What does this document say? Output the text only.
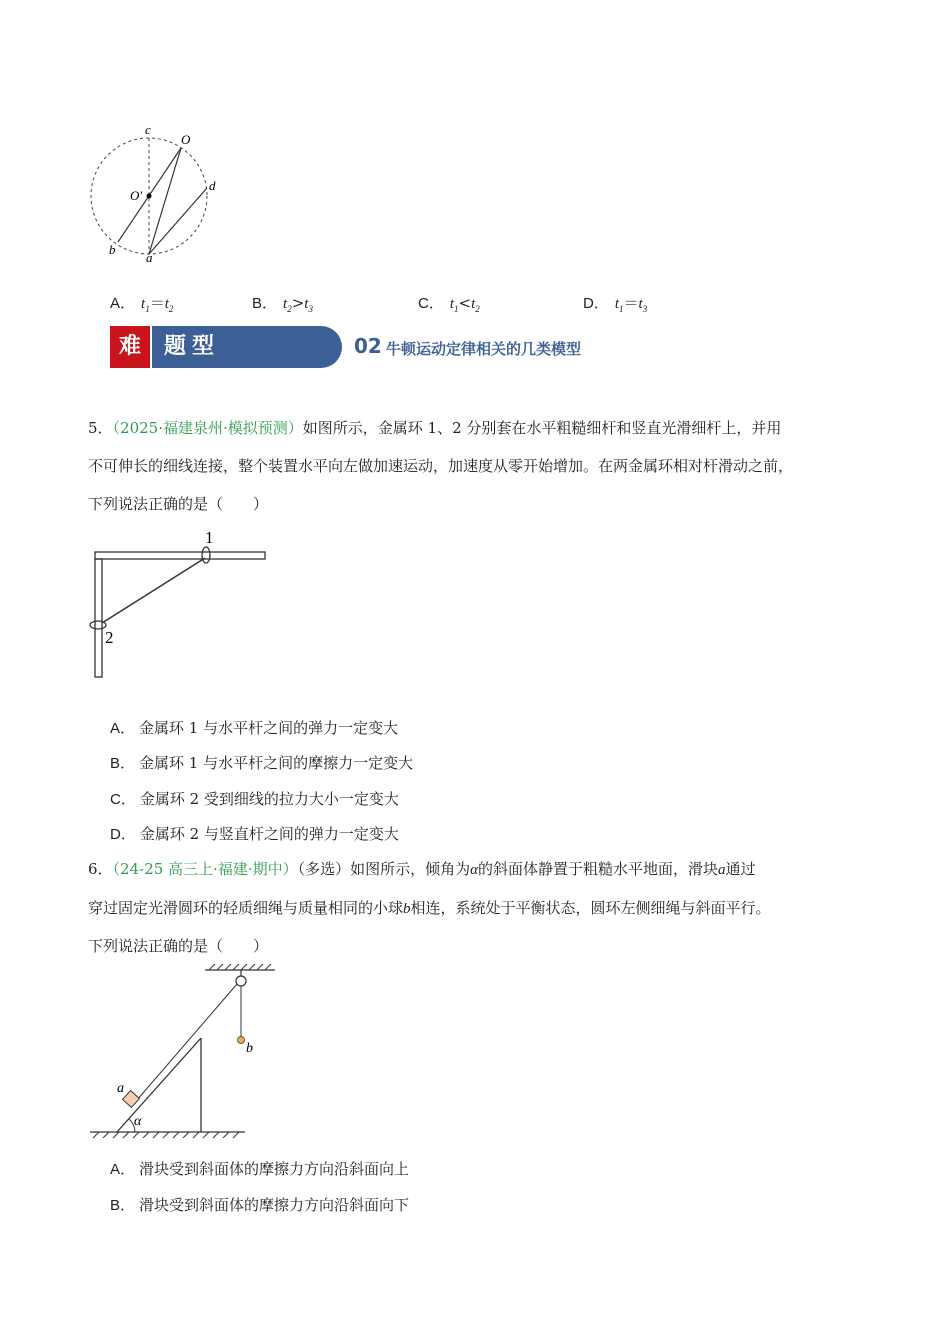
c
O
O′
d
b
a
A． $t_1=t_2$	B． $t_2>t_3$	C． $t_1<t_2$	D． $t_1=t_3$
难	题型	02 牛顿运动定律相关的几类模型
5．（2025·福建泉州·模拟预测）如图所示，金属环 1、2 分别套在水平粗糙细杆和竖直光滑细杆上，并用
不可伸长的细线连接，整个装置水平向左做加速运动，加速度从零开始增加。在两金属环相对杆滑动之前，
下列说法正确的是（　　）
1
2
A． 金属环 1 与水平杆之间的弹力一定变大
B． 金属环 1 与水平杆之间的摩擦力一定变大
C． 金属环 2 受到细线的拉力大小一定变大
D． 金属环 2 与竖直杆之间的弹力一定变大
6．（24-25 高三上·福建·期中）（多选）如图所示，倾角为α的斜面体静置于粗糙水平地面，滑块a通过
穿过固定光滑圆环的轻质细绳与质量相同的小球b相连，系统处于平衡状态，圆环左侧细绳与斜面平行。
下列说法正确的是（　　）
a
b
α
A． 滑块受到斜面体的摩擦力方向沿斜面向上
B． 滑块受到斜面体的摩擦力方向沿斜面向下
